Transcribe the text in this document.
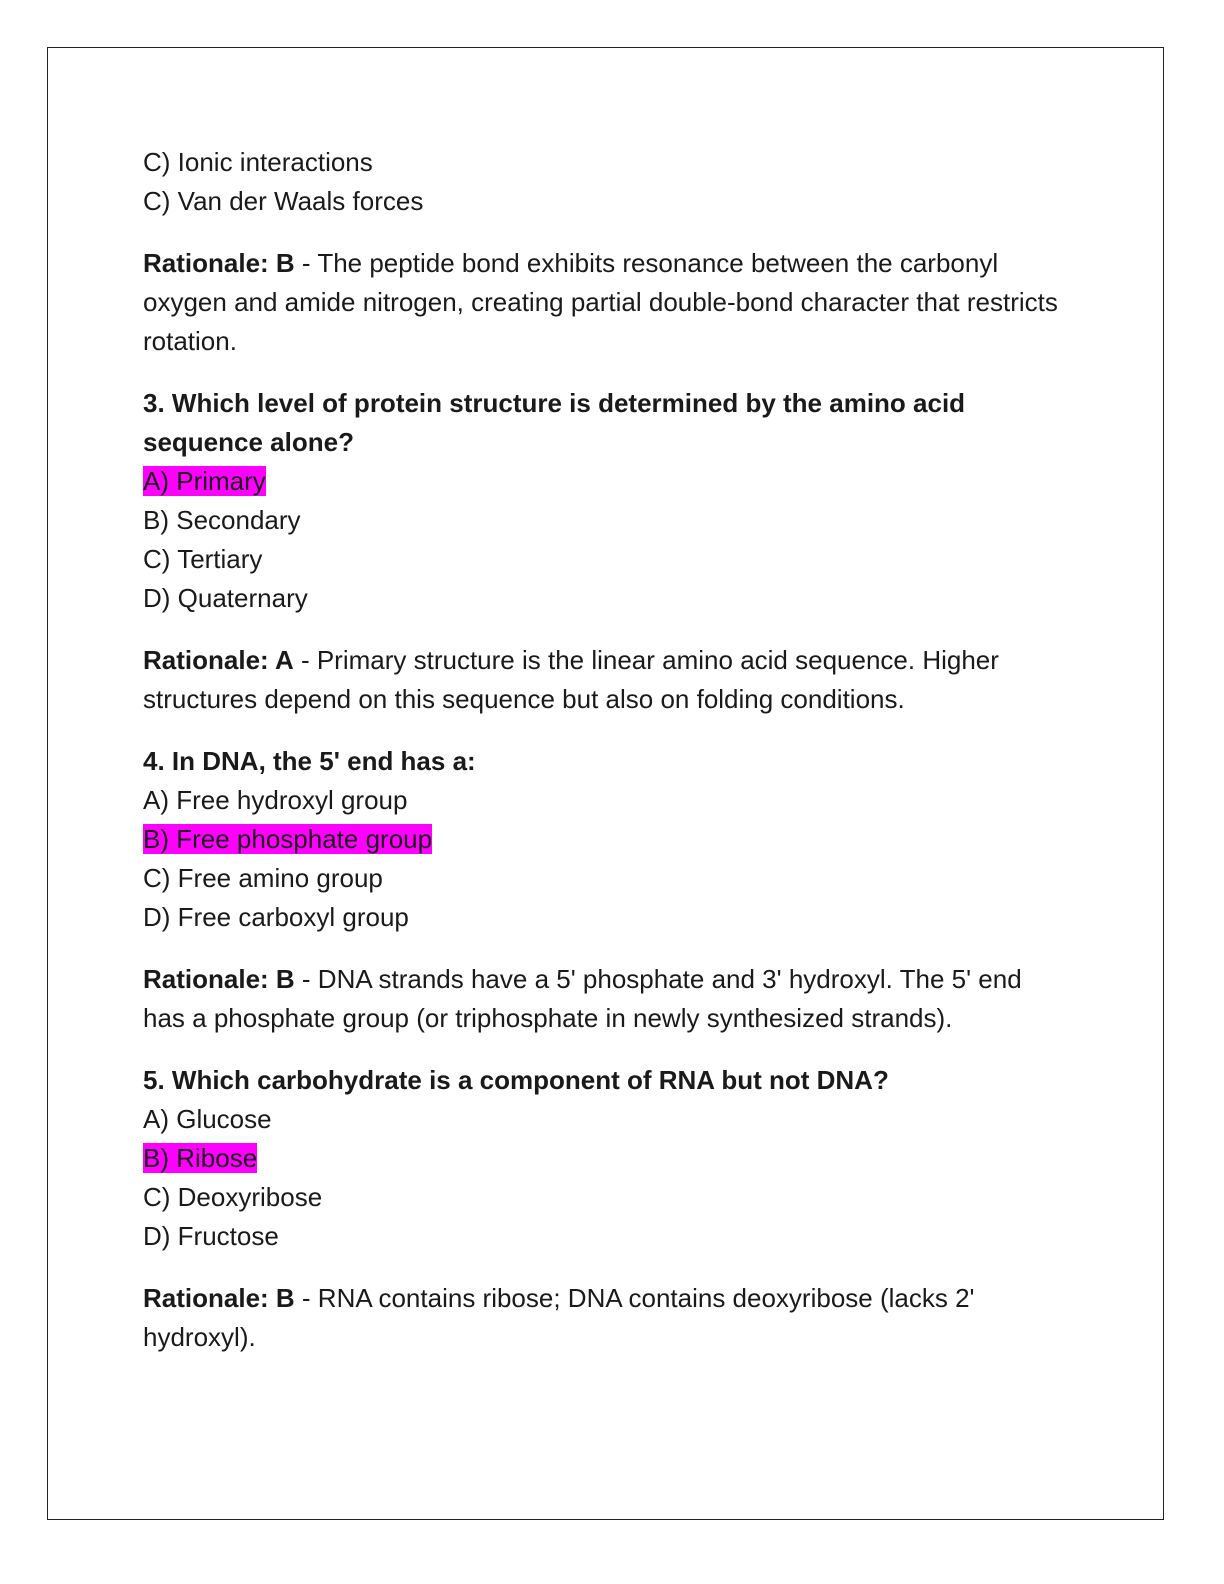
C) Ionic interactions
C) Van der Waals forces
Rationale: B - The peptide bond exhibits resonance between the carbonyl oxygen and amide nitrogen, creating partial double-bond character that restricts rotation.
3. Which level of protein structure is determined by the amino acid sequence alone?
A) Primary
B) Secondary
C) Tertiary
D) Quaternary
Rationale: A - Primary structure is the linear amino acid sequence. Higher structures depend on this sequence but also on folding conditions.
4. In DNA, the 5' end has a:
A) Free hydroxyl group
B) Free phosphate group
C) Free amino group
D) Free carboxyl group
Rationale: B - DNA strands have a 5' phosphate and 3' hydroxyl. The 5' end has a phosphate group (or triphosphate in newly synthesized strands).
5. Which carbohydrate is a component of RNA but not DNA?
A) Glucose
B) Ribose
C) Deoxyribose
D) Fructose
Rationale: B - RNA contains ribose; DNA contains deoxyribose (lacks 2' hydroxyl).
